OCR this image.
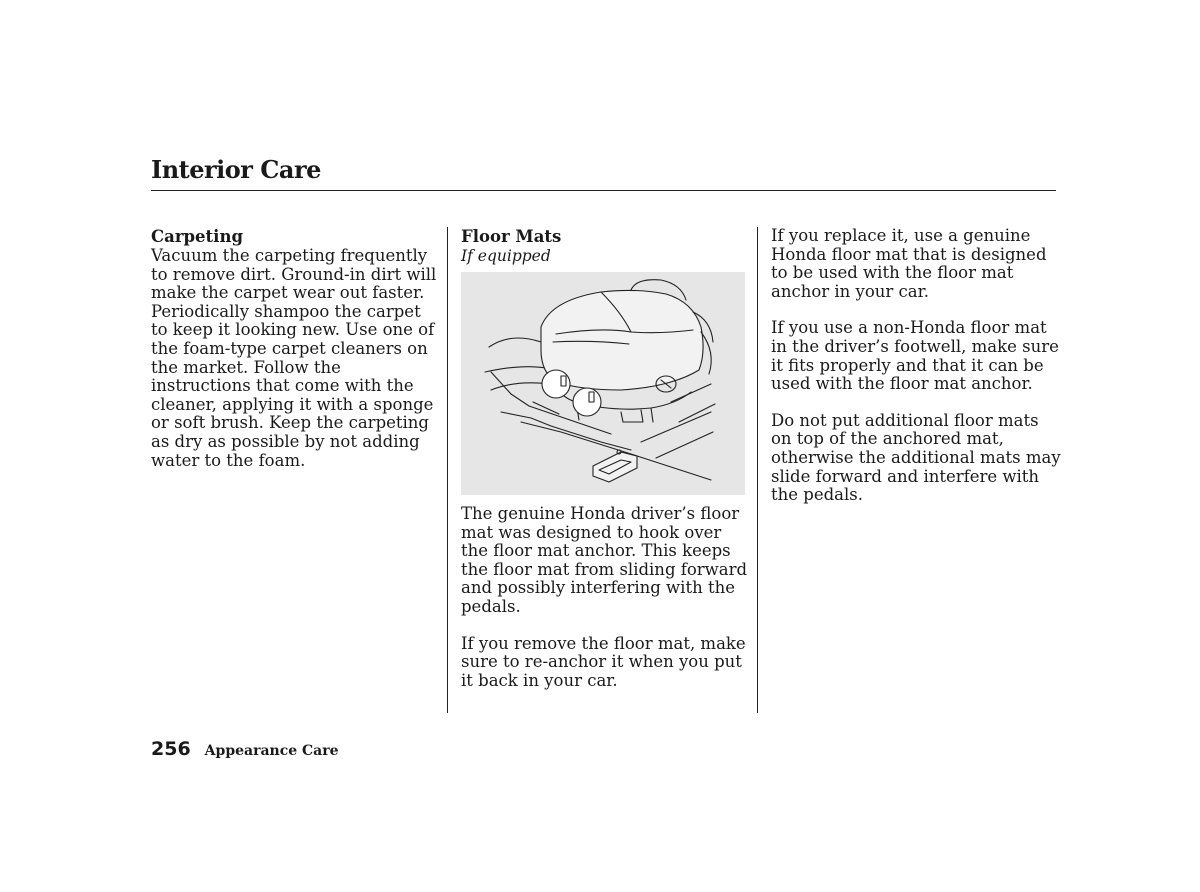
Interior Care
Carpeting

Vacuum the carpeting frequently to remove dirt. Ground-in dirt will make the carpet wear out faster. Periodically shampoo the carpet to keep it looking new. Use one of the foam-type carpet cleaners on the market. Follow the instructions that come with the cleaner, applying it with a sponge or soft brush. Keep the carpeting as dry as possible by not adding water to the foam.

Floor Mats
If equipped

The genuine Honda driver’s floor mat was designed to hook over the floor mat anchor. This keeps the floor mat from sliding forward and possibly interfering with the pedals.

If you remove the floor mat, make sure to re-anchor it when you put it back in your car.

If you replace it, use a genuine Honda floor mat that is designed to be used with the floor mat anchor in your car.

If you use a non-Honda floor mat in the driver’s footwell, make sure it fits properly and that it can be used with the floor mat anchor.

Do not put additional floor mats on top of the anchored mat, otherwise the additional mats may slide forward and interfere with the pedals.

256 Appearance Care
